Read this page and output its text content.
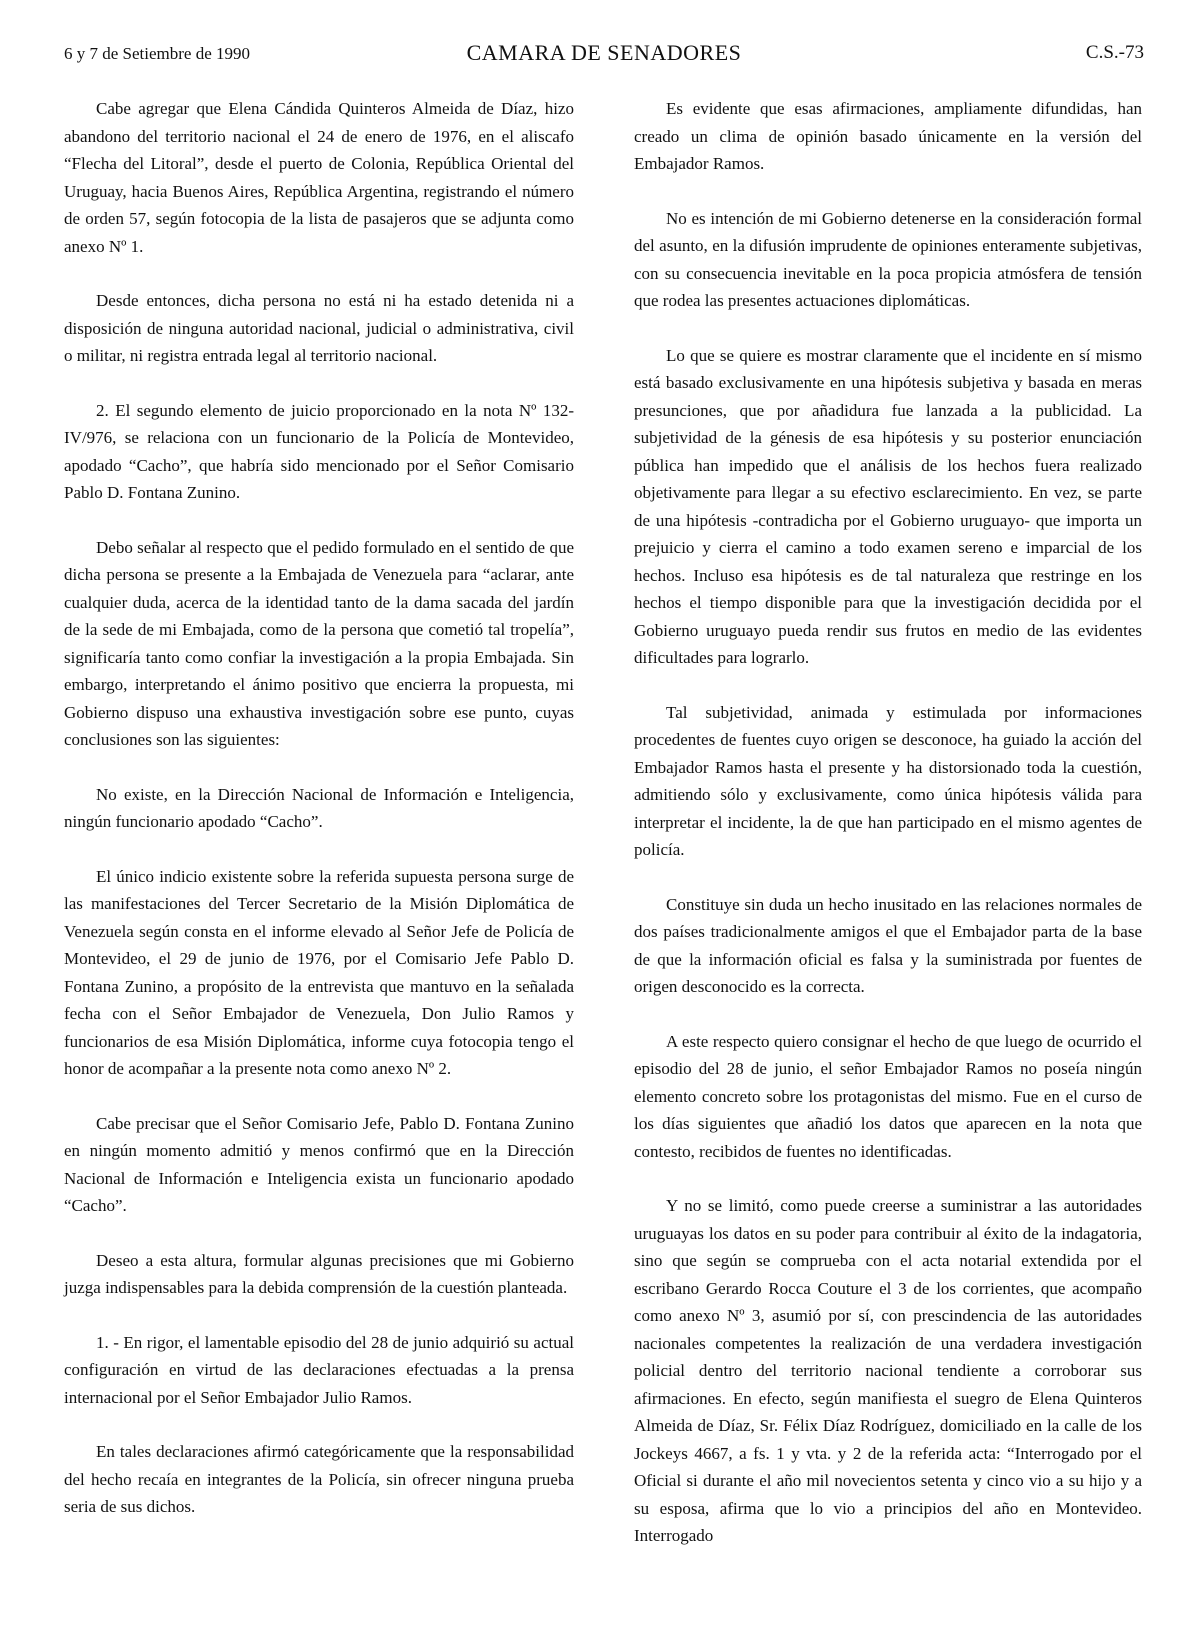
6 y 7 de Setiembre de 1990	CAMARA DE SENADORES	C.S.-73

Cabe agregar que Elena Cándida Quinteros Almeida de Díaz, hizo abandono del territorio nacional el 24 de enero de 1976, en el aliscafo “Flecha del Litoral”, desde el puerto de Colonia, República Oriental del Uruguay, hacia Buenos Aires, República Argentina, registrando el número de orden 57, según fotocopia de la lista de pasajeros que se adjunta como anexo Nº 1.

Desde entonces, dicha persona no está ni ha estado detenida ni a disposición de ninguna autoridad nacional, judicial o administrativa, civil o militar, ni registra entrada legal al territorio nacional.

2. El segundo elemento de juicio proporcionado en la nota Nº 132-IV/976, se relaciona con un funcionario de la Policía de Montevideo, apodado “Cacho”, que habría sido mencionado por el Señor Comisario Pablo D. Fontana Zunino.

Debo señalar al respecto que el pedido formulado en el sentido de que dicha persona se presente a la Embajada de Venezuela para “aclarar, ante cualquier duda, acerca de la identidad tanto de la dama sacada del jardín de la sede de mi Embajada, como de la persona que cometió tal tropelía”, significaría tanto como confiar la investigación a la propia Embajada. Sin embargo, interpretando el ánimo positivo que encierra la propuesta, mi Gobierno dispuso una exhaustiva investigación sobre ese punto, cuyas conclusiones son las siguientes:

No existe, en la Dirección Nacional de Información e Inteligencia, ningún funcionario apodado “Cacho”.

El único indicio existente sobre la referida supuesta persona surge de las manifestaciones del Tercer Secretario de la Misión Diplomática de Venezuela según consta en el informe elevado al Señor Jefe de Policía de Montevideo, el 29 de junio de 1976, por el Comisario Jefe Pablo D. Fontana Zunino, a propósito de la entrevista que mantuvo en la señalada fecha con el Señor Embajador de Venezuela, Don Julio Ramos y funcionarios de esa Misión Diplomática, informe cuya fotocopia tengo el honor de acompañar a la presente nota como anexo Nº 2.

Cabe precisar que el Señor Comisario Jefe, Pablo D. Fontana Zunino en ningún momento admitió y menos confirmó que en la Dirección Nacional de Información e Inteligencia exista un funcionario apodado “Cacho”.

Deseo a esta altura, formular algunas precisiones que mi Gobierno juzga indispensables para la debida comprensión de la cuestión planteada.

1. - En rigor, el lamentable episodio del 28 de junio adquirió su actual configuración en virtud de las declaraciones efectuadas a la prensa internacional por el Señor Embajador Julio Ramos.

En tales declaraciones afirmó categóricamente que la responsabilidad del hecho recaía en integrantes de la Policía, sin ofrecer ninguna prueba seria de sus dichos.

Es evidente que esas afirmaciones, ampliamente difundidas, han creado un clima de opinión basado únicamente en la versión del Embajador Ramos.

No es intención de mi Gobierno detenerse en la consideración formal del asunto, en la difusión imprudente de opiniones enteramente subjetivas, con su consecuencia inevitable en la poca propicia atmósfera de tensión que rodea las presentes actuaciones diplomáticas.

Lo que se quiere es mostrar claramente que el incidente en sí mismo está basado exclusivamente en una hipótesis subjetiva y basada en meras presunciones, que por añadidura fue lanzada a la publicidad. La subjetividad de la génesis de esa hipótesis y su posterior enunciación pública han impedido que el análisis de los hechos fuera realizado objetivamente para llegar a su efectivo esclarecimiento. En vez, se parte de una hipótesis -contradicha por el Gobierno uruguayo- que importa un prejuicio y cierra el camino a todo examen sereno e imparcial de los hechos. Incluso esa hipótesis es de tal naturaleza que restringe en los hechos el tiempo disponible para que la investigación decidida por el Gobierno uruguayo pueda rendir sus frutos en medio de las evidentes dificultades para lograrlo.

Tal subjetividad, animada y estimulada por informaciones procedentes de fuentes cuyo origen se desconoce, ha guiado la acción del Embajador Ramos hasta el presente y ha distorsionado toda la cuestión, admitiendo sólo y exclusivamente, como única hipótesis válida para interpretar el incidente, la de que han participado en el mismo agentes de policía.

Constituye sin duda un hecho inusitado en las relaciones normales de dos países tradicionalmente amigos el que el Embajador parta de la base de que la información oficial es falsa y la suministrada por fuentes de origen desconocido es la correcta.

A este respecto quiero consignar el hecho de que luego de ocurrido el episodio del 28 de junio, el señor Embajador Ramos no poseía ningún elemento concreto sobre los protagonistas del mismo. Fue en el curso de los días siguientes que añadió los datos que aparecen en la nota que contesto, recibidos de fuentes no identificadas.

Y no se limitó, como puede creerse a suministrar a las autoridades uruguayas los datos en su poder para contribuir al éxito de la indagatoria, sino que según se comprueba con el acta notarial extendida por el escribano Gerardo Rocca Couture el 3 de los corrientes, que acompaño como anexo Nº 3, asumió por sí, con prescindencia de las autoridades nacionales competentes la realización de una verdadera investigación policial dentro del territorio nacional tendiente a corroborar sus afirmaciones. En efecto, según manifiesta el suegro de Elena Quinteros Almeida de Díaz, Sr. Félix Díaz Rodríguez, domiciliado en la calle de los Jockeys 4667, a fs. 1 y vta. y 2 de la referida acta: “Interrogado por el Oficial si durante el año mil novecientos setenta y cinco vio a su hijo y a su esposa, afirma que lo vio a principios del año en Montevideo. Interrogado
